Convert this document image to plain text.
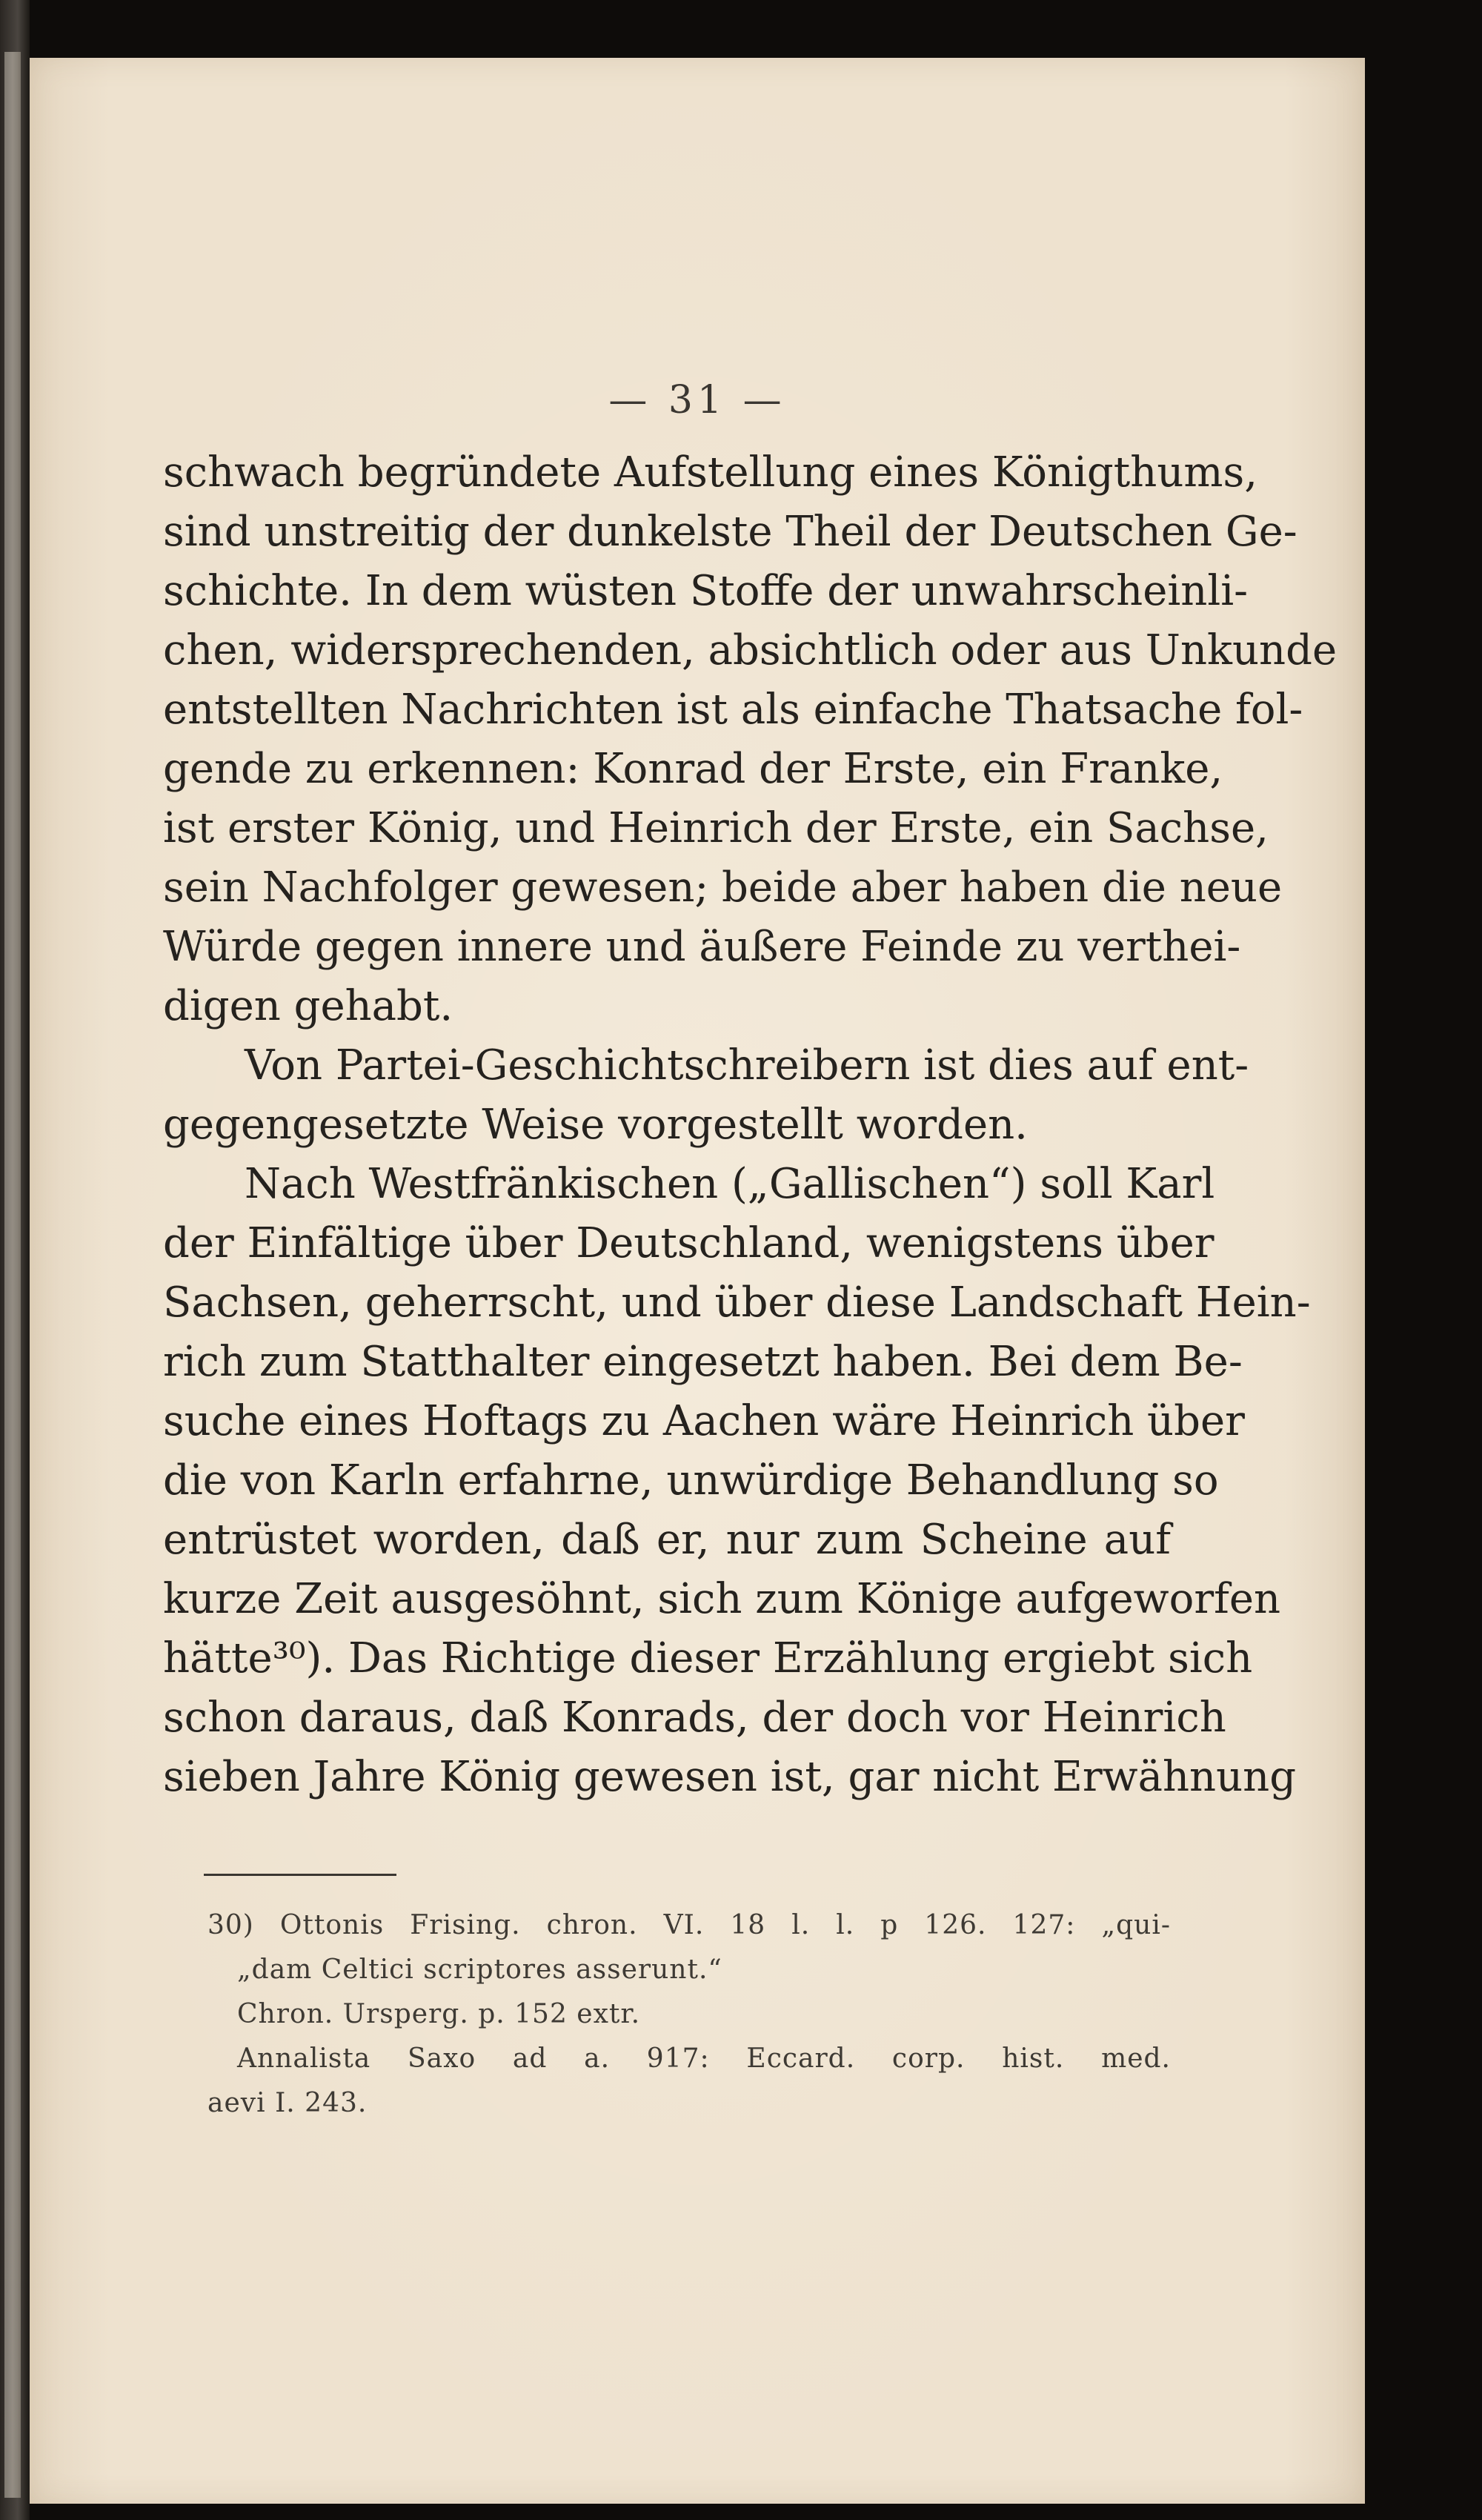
— 31 —
schwach begründete Aufstellung eines Königthums,
sind unstreitig der dunkelste Theil der Deutschen Ge-
schichte. In dem wüsten Stoffe der unwahrscheinli-
chen, widersprechenden, absichtlich oder aus Unkunde
entstellten Nachrichten ist als einfache Thatsache fol-
gende zu erkennen: Konrad der Erste, ein Franke,
ist erster König, und Heinrich der Erste, ein Sachse,
sein Nachfolger gewesen; beide aber haben die neue
Würde gegen innere und äußere Feinde zu verthei-
digen gehabt.
Von Partei-Geschichtschreibern ist dies auf ent-
gegengesetzte Weise vorgestellt worden.
Nach Westfränkischen („Gallischen“) soll Karl
der Einfältige über Deutschland, wenigstens über
Sachsen, geherrscht, und über diese Landschaft Hein-
rich zum Statthalter eingesetzt haben. Bei dem Be-
suche eines Hoftags zu Aachen wäre Heinrich über
die von Karln erfahrne, unwürdige Behandlung so
entrüstet worden, daß er, nur zum Scheine auf
kurze Zeit ausgesöhnt, sich zum Könige aufgeworfen
hätte³⁰). Das Richtige dieser Erzählung ergiebt sich
schon daraus, daß Konrads, der doch vor Heinrich
sieben Jahre König gewesen ist, gar nicht Erwähnung
30) Ottonis Frising. chron. VI. 18 l. l. p 126. 127: „qui-
„dam Celtici scriptores asserunt.“
Chron. Ursperg. p. 152 extr.
Annalista Saxo ad a. 917: Eccard. corp. hist. med.
aevi I. 243.
